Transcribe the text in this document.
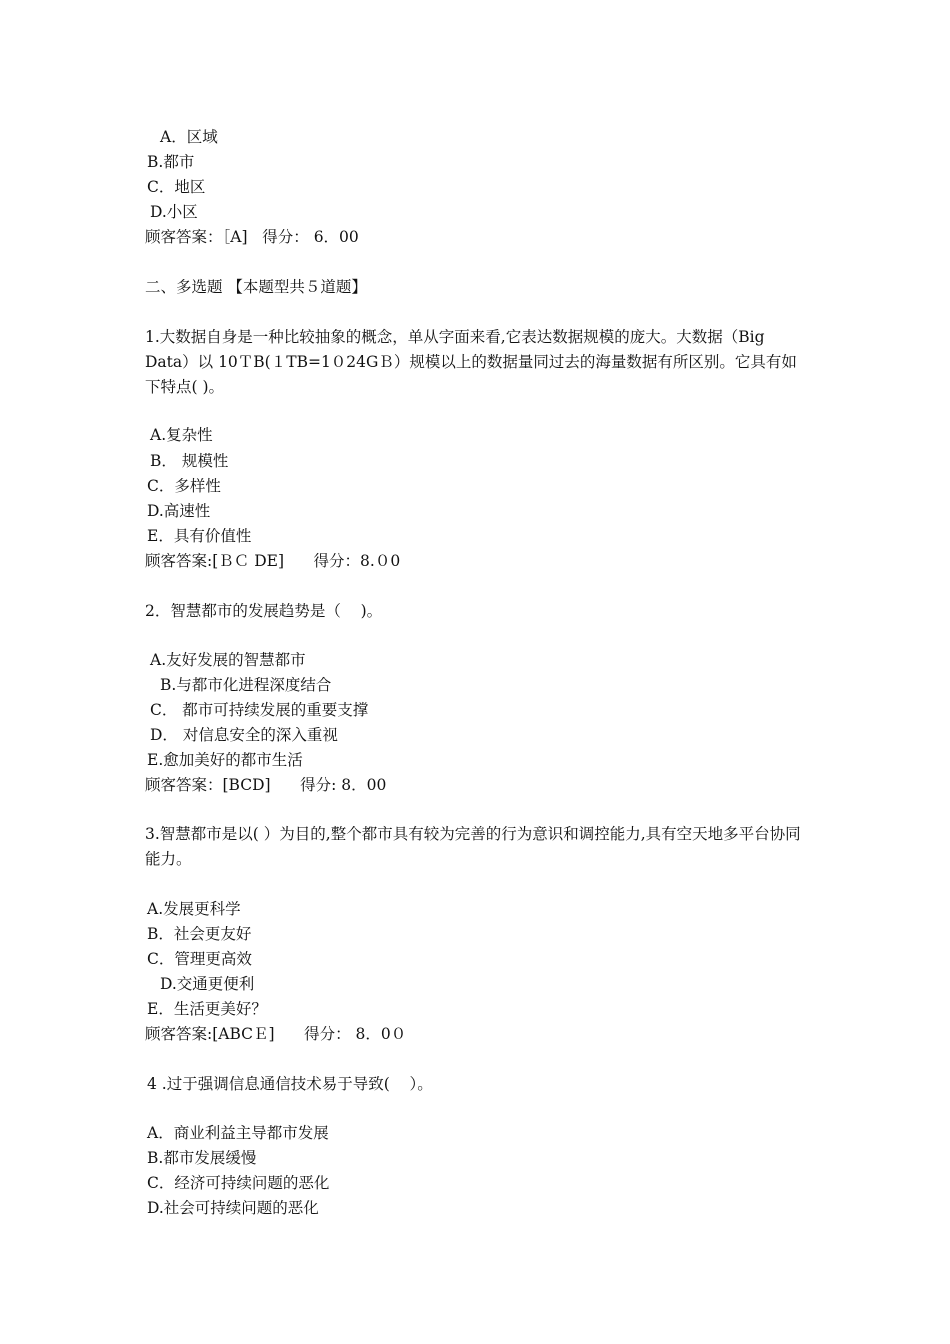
A．区域
B.都市
C．地区
D.小区
顾客答案：［A]   得分： 6．00
二、多选题 【本题型共５道题】
1.大数据自身是一种比较抽象的概念，单从字面来看,它表达数据规模的庞大。大数据（Big Data）以 10ＴB(１TB=1０24GＢ）规模以上的数据量同过去的海量数据有所区别。它具有如下特点( )。
A.复杂性
B． 规模性
C．多样性
D.高速性
E．具有价值性
顾客答案:[ＢＣ DE]      得分：8.０0
2．智慧都市的发展趋势是（    )。
A.友好发展的智慧都市
B.与都市化进程深度结合
C． 都市可持续发展的重要支撑
D． 对信息安全的深入重视
E.愈加美好的都市生活
顾客答案：[BCD]      得分: 8．00
3.智慧都市是以( ）为目的,整个都市具有较为完善的行为意识和调控能力,具有空天地多平台协同能力。
A.发展更科学
B．社会更友好
C．管理更高效
D.交通更便利
E．生活更美好？
顾客答案:[ABCＥ]      得分： 8．0０
4 .过于强调信息通信技术易于导致(    ）。
A．商业利益主导都市发展
B.都市发展缓慢
C．经济可持续问题的恶化
D.社会可持续问题的恶化
